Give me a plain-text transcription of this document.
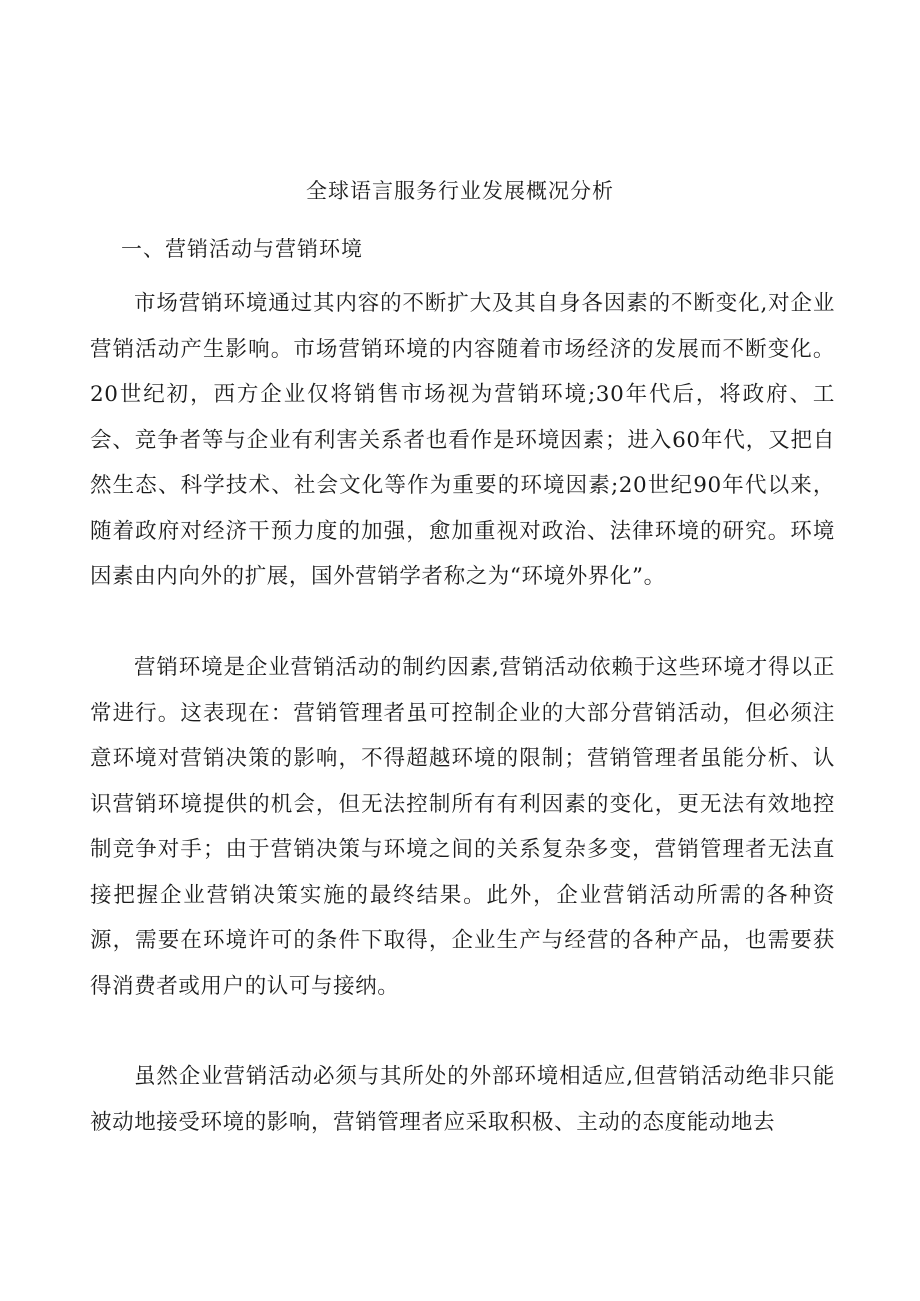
全球语言服务行业发展概况分析
一、营销活动与营销环境

市场营销环境通过其内容的不断扩大及其自身各因素的不断变化,对企业营销活动产生影响。市场营销环境的内容随着市场经济的发展而不断变化。20世纪初，西方企业仅将销售市场视为营销环境;30年代后，将政府、工会、竞争者等与企业有利害关系者也看作是环境因素；进入60年代，又把自然生态、科学技术、社会文化等作为重要的环境因素;20世纪90年代以来，随着政府对经济干预力度的加强，愈加重视对政治、法律环境的研究。环境因素由内向外的扩展，国外营销学者称之为“环境外界化”。

营销环境是企业营销活动的制约因素,营销活动依赖于这些环境才得以正常进行。这表现在：营销管理者虽可控制企业的大部分营销活动，但必须注意环境对营销决策的影响，不得超越环境的限制；营销管理者虽能分析、认识营销环境提供的机会，但无法控制所有有利因素的变化，更无法有效地控制竞争对手；由于营销决策与环境之间的关系复杂多变，营销管理者无法直接把握企业营销决策实施的最终结果。此外，企业营销活动所需的各种资源，需要在环境许可的条件下取得，企业生产与经营的各种产品，也需要获得消费者或用户的认可与接纳。

虽然企业营销活动必须与其所处的外部环境相适应,但营销活动绝非只能被动地接受环境的影响，营销管理者应采取积极、主动的态度能动地去
